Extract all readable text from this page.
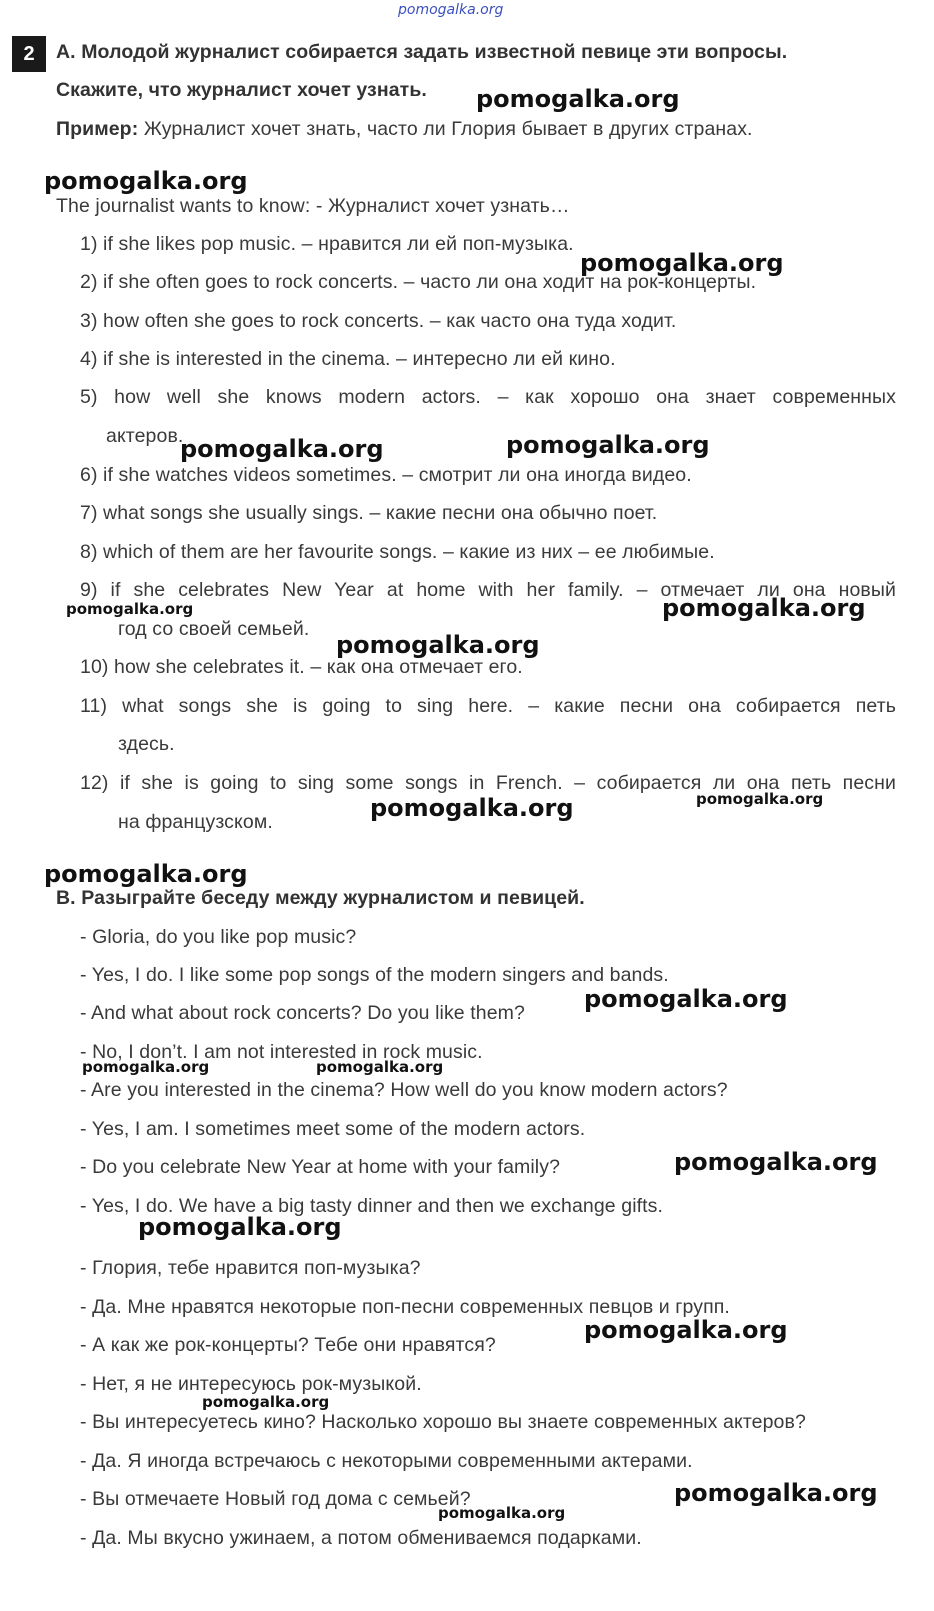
pomogalka.org
2	А. Молодой журналист собирается задать известной певице эти вопросы.
Скажите, что журналист хочет узнать.
Пример: Журналист хочет знать, часто ли Глория бывает в других странах.
The journalist wants to know: - Журналист хочет узнать…
1) if she likes pop music. – нравится ли ей поп-музыка.
2) if she often goes to rock concerts. – часто ли она ходит на рок-концерты.
3) how often she goes to rock concerts. – как часто она туда ходит.
4) if she is interested in the cinema. – интересно ли ей кино.
5) how well she knows modern actors. – как хорошо она знает современных
актеров.
6) if she watches videos sometimes. – смотрит ли она иногда видео.
7) what songs she usually sings. – какие песни она обычно поет.
8) which of them are her favourite songs. – какие из них – ее любимые.
9) if she celebrates New Year at home with her family. – отмечает ли она новый
год со своей семьей.
10) how she celebrates it. – как она отмечает его.
11) what songs she is going to sing here. – какие песни она собирается петь
здесь.
12) if she is going to sing some songs in French. – собирается ли она петь песни
на французском.
В. Разыграйте беседу между журналистом и певицей.
- Gloria, do you like pop music?
- Yes, I do. I like some pop songs of the modern singers and bands.
- And what about rock concerts? Do you like them?
- No, I don’t. I am not interested in rock music.
- Are you interested in the cinema? How well do you know modern actors?
- Yes, I am. I sometimes meet some of the modern actors.
- Do you celebrate New Year at home with your family?
- Yes, I do. We have a big tasty dinner and then we exchange gifts.
- Глория, тебе нравится поп-музыка?
- Да. Мне нравятся некоторые поп-песни современных певцов и групп.
- А как же рок-концерты? Тебе они нравятся?
- Нет, я не интересуюсь рок-музыкой.
- Вы интересуетесь кино? Насколько хорошо вы знаете современных актеров?
- Да. Я иногда встречаюсь с некоторыми современными актерами.
- Вы отмечаете Новый год дома с семьей?
- Да. Мы вкусно ужинаем, а потом обмениваемся подарками.
pomogalka.org
pomogalka.org
pomogalka.org
pomogalka.org	pomogalka.org
pomogalka.org	pomogalka.org
pomogalka.org
pomogalka.org	pomogalka.org
pomogalka.org
pomogalka.org
pomogalka.org	pomogalka.org
pomogalka.org
pomogalka.org
pomogalka.org
pomogalka.org
pomogalka.org
pomogalka.org
